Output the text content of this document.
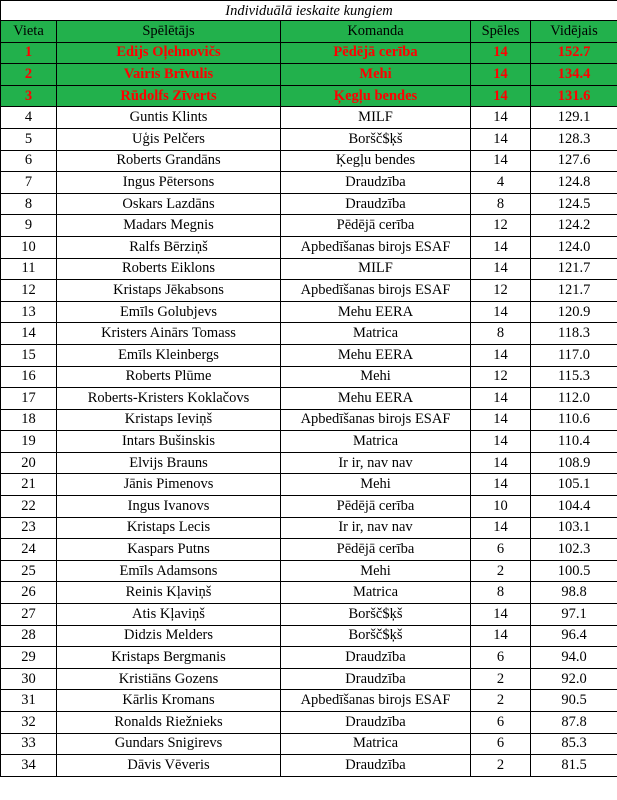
Individuālā ieskaite kungiem				
Vieta	Spēlētājs	Komanda	Spēles	Vidējais
1	Edijs Oļehnovičs	Pēdējā cerība	14	152.7
2	Vairis Brīvulis	Mehi	14	134.4
3	Rūdolfs Zīverts	Ķegļu bendes	14	131.6
4	Guntis Klints	MILF	14	129.1
5	Uģis Pelčers	Boršč$ķš	14	128.3
6	Roberts Grandāns	Ķegļu bendes	14	127.6
7	Ingus Pētersons	Draudzība	4	124.8
8	Oskars Lazdāns	Draudzība	8	124.5
9	Madars Megnis	Pēdējā cerība	12	124.2
10	Ralfs Bērziņš	Apbedīšanas birojs ESAF	14	124.0
11	Roberts Eiklons	MILF	14	121.7
12	Kristaps Jēkabsons	Apbedīšanas birojs ESAF	12	121.7
13	Emīls Golubjevs	Mehu EERA	14	120.9
14	Kristers Ainārs Tomass	Matrica	8	118.3
15	Emīls Kleinbergs	Mehu EERA	14	117.0
16	Roberts Plūme	Mehi	12	115.3
17	Roberts-Kristers Koklačovs	Mehu EERA	14	112.0
18	Kristaps Ieviņš	Apbedīšanas birojs ESAF	14	110.6
19	Intars Bušinskis	Matrica	14	110.4
20	Elvijs Brauns	Ir ir, nav nav	14	108.9
21	Jānis Pimenovs	Mehi	14	105.1
22	Ingus Ivanovs	Pēdējā cerība	10	104.4
23	Kristaps Lecis	Ir ir, nav nav	14	103.1
24	Kaspars Putns	Pēdējā cerība	6	102.3
25	Emīls Adamsons	Mehi	2	100.5
26	Reinis Kļaviņš	Matrica	8	98.8
27	Atis Kļaviņš	Boršč$ķš	14	97.1
28	Didzis Melders	Boršč$ķš	14	96.4
29	Kristaps Bergmanis	Draudzība	6	94.0
30	Kristiāns Gozens	Draudzība	2	92.0
31	Kārlis Kromans	Apbedīšanas birojs ESAF	2	90.5
32	Ronalds Riežnieks	Draudzība	6	87.8
33	Gundars Snigirevs	Matrica	6	85.3
34	Dāvis Vēveris	Draudzība	2	81.5
